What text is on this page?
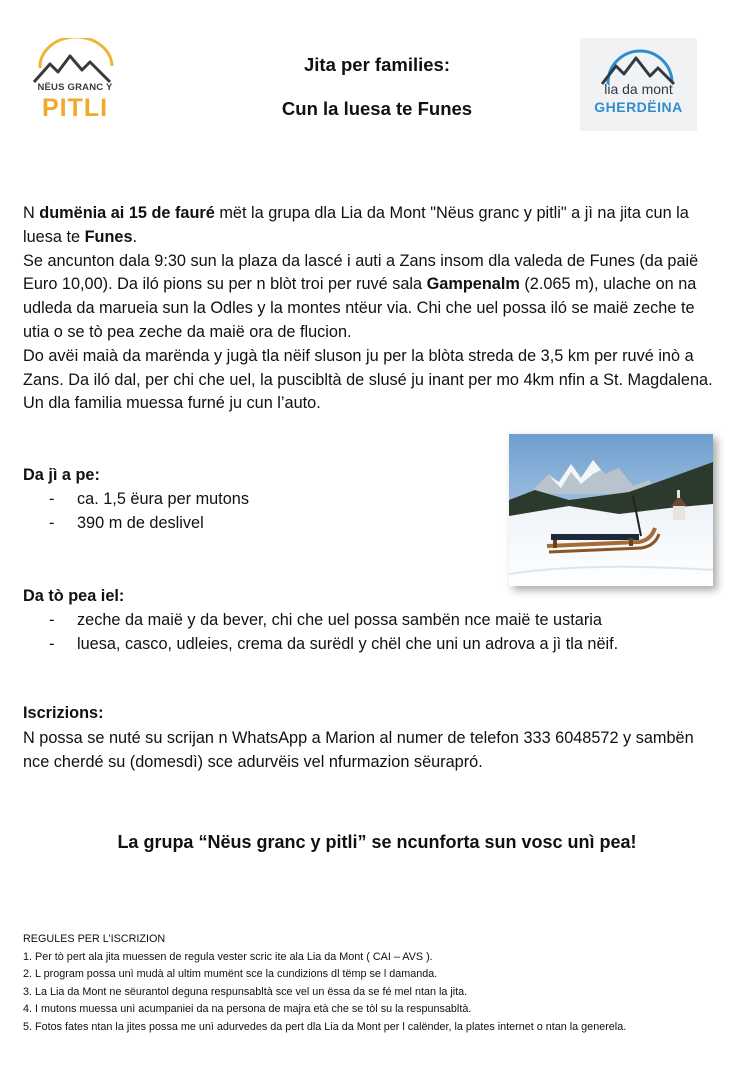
NËUS GRANC Y
PITLI
Jita per families:
Cun la luesa te Funes
lia da mont
GHERDËINA

N dumënia ai 15 de fauré mët la grupa dla Lia da Mont "Nëus granc y pitli" a jì na jita cun la luesa te Funes.

Se ancunton dala 9:30 sun la plaza da lascé i auti a Zans insom dla valeda de Funes (da paië Euro 10,00). Da iló pions su per n blòt troi per ruvé sala Gampenalm (2.065 m), ulache on na udleda da marueia sun la Odles y la montes ntëur via. Chi che uel possa iló se maië zeche te utia o se tò pea zeche da maië ora de flucion.

Do avëi maià da marënda y jugà tla nëif sluson ju per la blòta streda de 3,5 km per ruvé inò a Zans. Da iló dal, per chi che uel, la puscibltà de slusé ju inant per mo 4km nfin a St. Magdalena. Un dla familia muessa furné ju cun l’auto.

Da jì a pe:
- ca. 1,5 ëura per mutons
- 390 m de deslivel
Da tò pea iel:
- zeche da maië y da bever, chi che uel possa sambën nce maië te ustaria
- luesa, casco, udleies, crema da surëdl y chël che uni un adrova a jì tla nëif.
Iscrizions:
N possa se nuté su scrijan n WhatsApp a Marion al numer de telefon 333 6048572 y sambën nce cherdé su (domesdì) sce adurvëis vel nfurmazion sëurapró.
La grupa “Nëus granc y pitli” se ncunforta sun vosc unì pea!

REGULES PER L’ISCRIZION

1. Per tò pert ala jita muessen de regula vester scric ite ala Lia da Mont ( CAI – AVS ).

2. L program possa unì mudà al ultim mumënt sce la cundizions dl tëmp se l damanda.

3. La Lia da Mont ne sëurantol deguna respunsabltà sce vel un ëssa da se fé mel ntan la jita.

4. I mutons muessa unì acumpaniei da na persona de majra età che se tòl su la respunsabltà.

5. Fotos fates ntan la jites possa me unì adurvedes da pert dla Lia da Mont per l calënder, la plates internet o ntan la generela.
